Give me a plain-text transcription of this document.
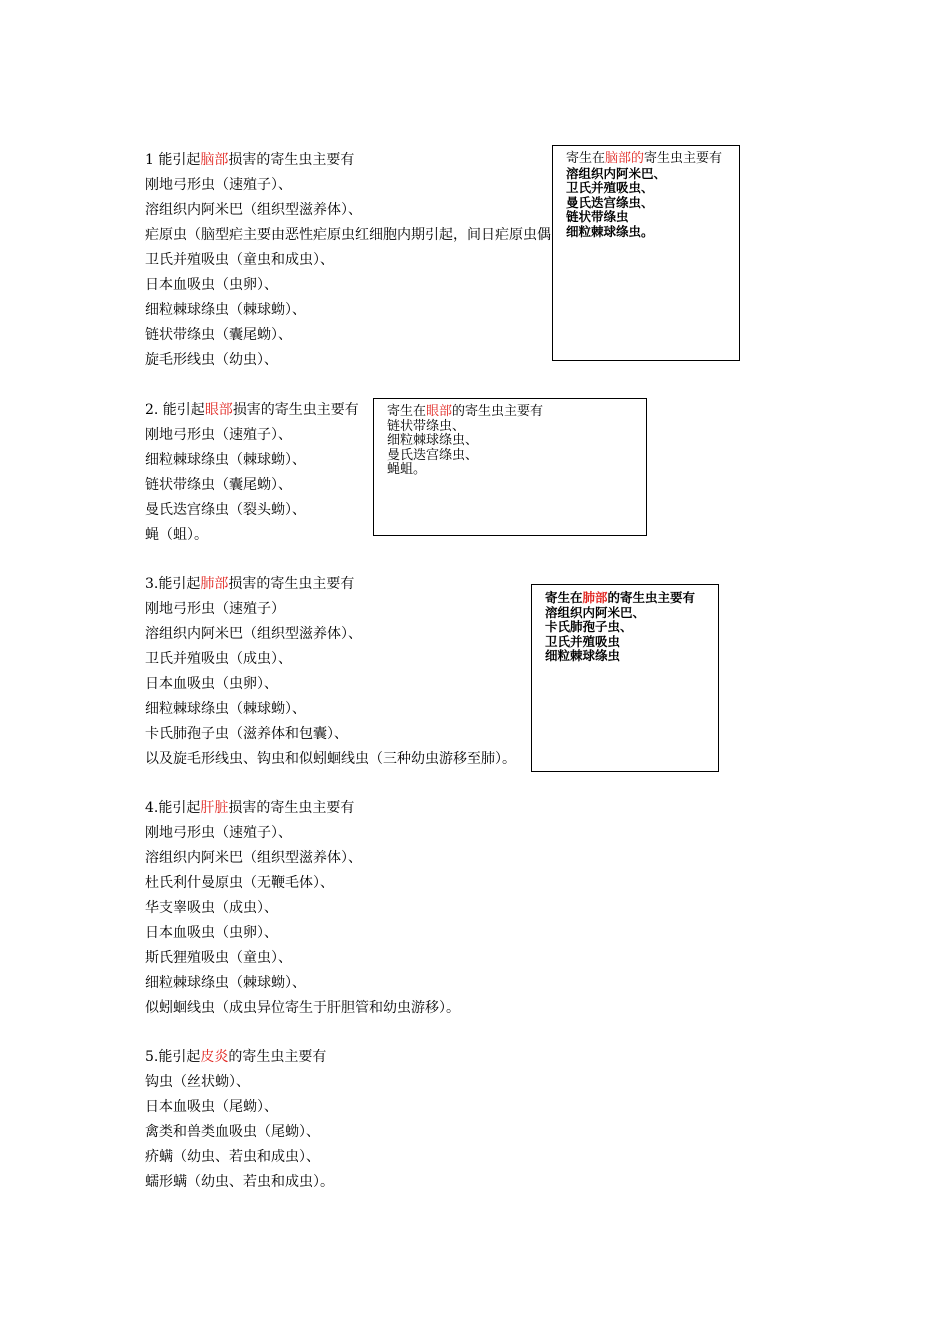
1 能引起脑部损害的寄生虫主要有
刚地弓形虫（速殖子）、
溶组织内阿米巴（组织型滋养体）、
疟原虫（脑型疟主要由恶性疟原虫红细胞内期引起，间日疟原虫偶
卫氏并殖吸虫（童虫和成虫）、
日本血吸虫（虫卵）、
细粒棘球绦虫（棘球蚴）、
链状带绦虫（囊尾蚴）、
旋毛形线虫（幼虫）、
2. 能引起眼部损害的寄生虫主要有
刚地弓形虫（速殖子）、
细粒棘球绦虫（棘球蚴）、
链状带绦虫（囊尾蚴）、
曼氏迭宫绦虫（裂头蚴）、
蝇（蛆）。
3.能引起肺部损害的寄生虫主要有
刚地弓形虫（速殖子）
溶组织内阿米巴（组织型滋养体）、
卫氏并殖吸虫（成虫）、
日本血吸虫（虫卵）、
细粒棘球绦虫（棘球蚴）、
卡氏肺孢子虫（滋养体和包囊）、
以及旋毛形线虫、钩虫和似蚓蛔线虫（三种幼虫游移至肺）。
4.能引起肝脏损害的寄生虫主要有
刚地弓形虫（速殖子）、
溶组织内阿米巴（组织型滋养体）、
杜氏利什曼原虫（无鞭毛体）、
华支睾吸虫（成虫）、
日本血吸虫（虫卵）、
斯氏狸殖吸虫（童虫）、
细粒棘球绦虫（棘球蚴）、
似蚓蛔线虫（成虫异位寄生于肝胆管和幼虫游移）。
5.能引起皮炎的寄生虫主要有
钩虫（丝状蚴）、
日本血吸虫（尾蚴）、
禽类和兽类血吸虫（尾蚴）、
疥螨（幼虫、若虫和成虫）、
蠕形螨（幼虫、若虫和成虫）。
寄生在脑部的寄生虫主要有
溶组织内阿米巴、
卫氏并殖吸虫、
曼氏迭宫绦虫、
链状带绦虫
细粒棘球绦虫。
寄生在眼部的寄生虫主要有
链状带绦虫、
细粒棘球绦虫、
曼氏迭宫绦虫、
蝇蛆。
寄生在肺部的寄生虫主要有
溶组织内阿米巴、
卡氏肺孢子虫、
卫氏并殖吸虫
细粒棘球绦虫
